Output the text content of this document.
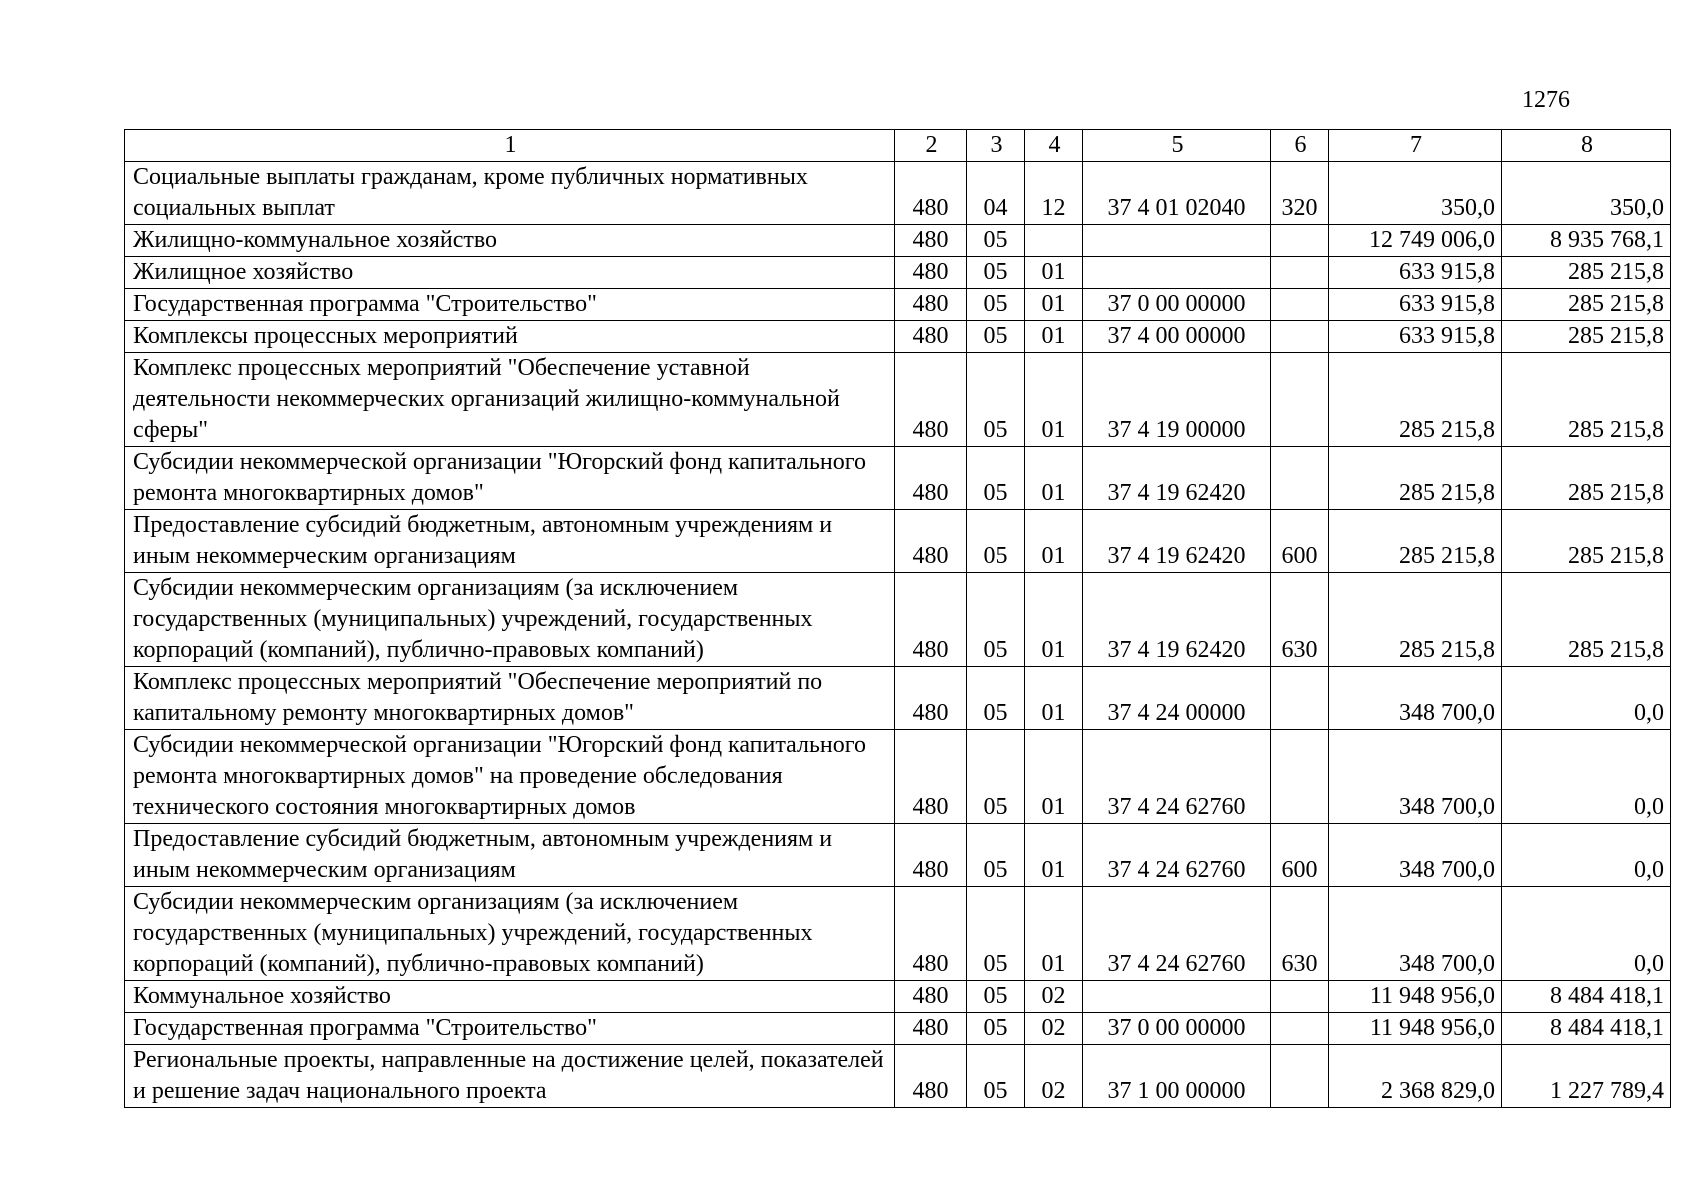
1276
1	2	3	4	5	6	7	8
Социальные выплаты гражданам, кроме публичных нормативных социальных выплат	480	04	12	37 4 01 02040	320	350,0	350,0
Жилищно-коммунальное хозяйство	480	05				12 749 006,0	8 935 768,1
Жилищное хозяйство	480	05	01			633 915,8	285 215,8
Государственная программа "Строительство"	480	05	01	37 0 00 00000		633 915,8	285 215,8
Комплексы процессных мероприятий	480	05	01	37 4 00 00000		633 915,8	285 215,8
Комплекс процессных мероприятий "Обеспечение уставной деятельности некоммерческих организаций жилищно-коммунальной сферы"	480	05	01	37 4 19 00000		285 215,8	285 215,8
Субсидии некоммерческой организации "Югорский фонд капитального ремонта многоквартирных домов"	480	05	01	37 4 19 62420		285 215,8	285 215,8
Предоставление субсидий бюджетным, автономным учреждениям и иным некоммерческим организациям	480	05	01	37 4 19 62420	600	285 215,8	285 215,8
Субсидии некоммерческим организациям (за исключением государственных (муниципальных) учреждений, государственных корпораций (компаний), публично-правовых компаний)	480	05	01	37 4 19 62420	630	285 215,8	285 215,8
Комплекс процессных мероприятий "Обеспечение мероприятий по капитальному ремонту многоквартирных домов"	480	05	01	37 4 24 00000		348 700,0	0,0
Субсидии некоммерческой организации "Югорский фонд капитального ремонта многоквартирных домов" на проведение обследования технического состояния многоквартирных домов	480	05	01	37 4 24 62760		348 700,0	0,0
Предоставление субсидий бюджетным, автономным учреждениям и иным некоммерческим организациям	480	05	01	37 4 24 62760	600	348 700,0	0,0
Субсидии некоммерческим организациям (за исключением государственных (муниципальных) учреждений, государственных корпораций (компаний), публично-правовых компаний)	480	05	01	37 4 24 62760	630	348 700,0	0,0
Коммунальное хозяйство	480	05	02			11 948 956,0	8 484 418,1
Государственная программа "Строительство"	480	05	02	37 0 00 00000		11 948 956,0	8 484 418,1
Региональные проекты, направленные на достижение целей, показателей и решение задач национального проекта	480	05	02	37 1 00 00000		2 368 829,0	1 227 789,4
